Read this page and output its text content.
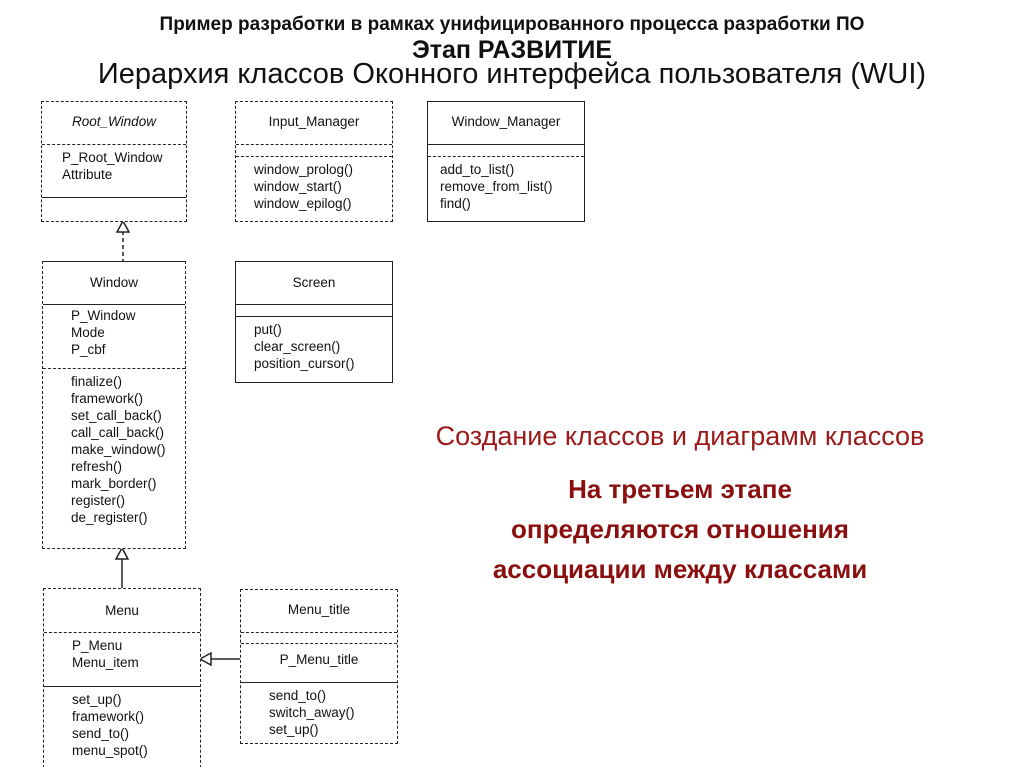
Пример разработки в рамках унифицированного процесса разработки ПО
Этап РАЗВИТИЕ
Иерархия классов Оконного интерфейса пользователя (WUI)
Root_Window
P_Root_Window
Attribute
Input_Manager
window_prolog()
window_start()
window_epilog()
Window_Manager
add_to_list()
remove_from_list()
find()
Window
P_Window
Mode
P_cbf
finalize()
framework()
set_call_back()
call_call_back()
make_window()
refresh()
mark_border()
register()
de_register()
Screen
put()
clear_screen()
position_cursor()
Menu
P_Menu
Menu_item
set_up()
framework()
send_to()
menu_spot()
Menu_title
P_Menu_title
send_to()
switch_away()
set_up()
Создание классов и диаграмм классов
На третьем этапе
определяются отношения
ассоциации между классами
